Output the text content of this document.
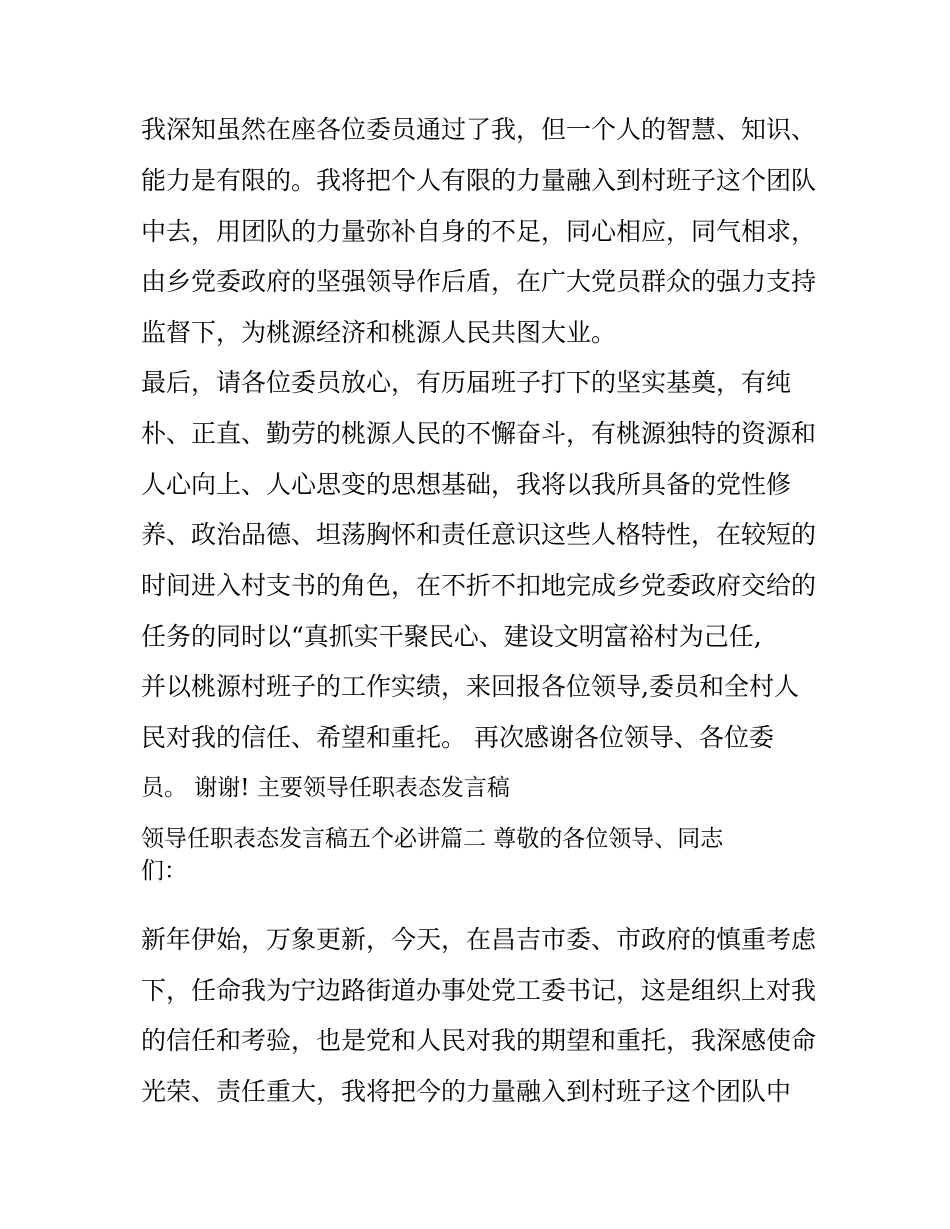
我深知虽然在座各位委员通过了我，但一个人的智慧、知识、
能力是有限的。我将把个人有限的力量融入到村班子这个团队
中去，用团队的力量弥补自身的不足，同心相应，同气相求，
由乡党委政府的坚强领导作后盾，在广大党员群众的强力支持
监督下，为桃源经济和桃源人民共图大业。
最后，请各位委员放心，有历届班子打下的坚实基奠，有纯
朴、正直、勤劳的桃源人民的不懈奋斗，有桃源独特的资源和
人心向上、人心思变的思想基础，我将以我所具备的党性修
养、政治品德、坦荡胸怀和责任意识这些人格特性，在较短的
时间进入村支书的角色，在不折不扣地完成乡党委政府交给的
任务的同时以“真抓实干聚民心、建设文明富裕村为己任,
并以桃源村班子的工作实绩，来回报各位领导,委员和全村人
民对我的信任、希望和重托。 再次感谢各位领导、各位委
员。 谢谢! 主要领导任职表态发言稿
领导任职表态发言稿五个必讲篇二 尊敬的各位领导、同志
们：
新年伊始，万象更新，今天，在昌吉市委、市政府的慎重考虑
下，任命我为宁边路街道办事处党工委书记，这是组织上对我
的信任和考验，也是党和人民对我的期望和重托，我深感使命
光荣、责任重大，我将把今的力量融入到村班子这个团队中
